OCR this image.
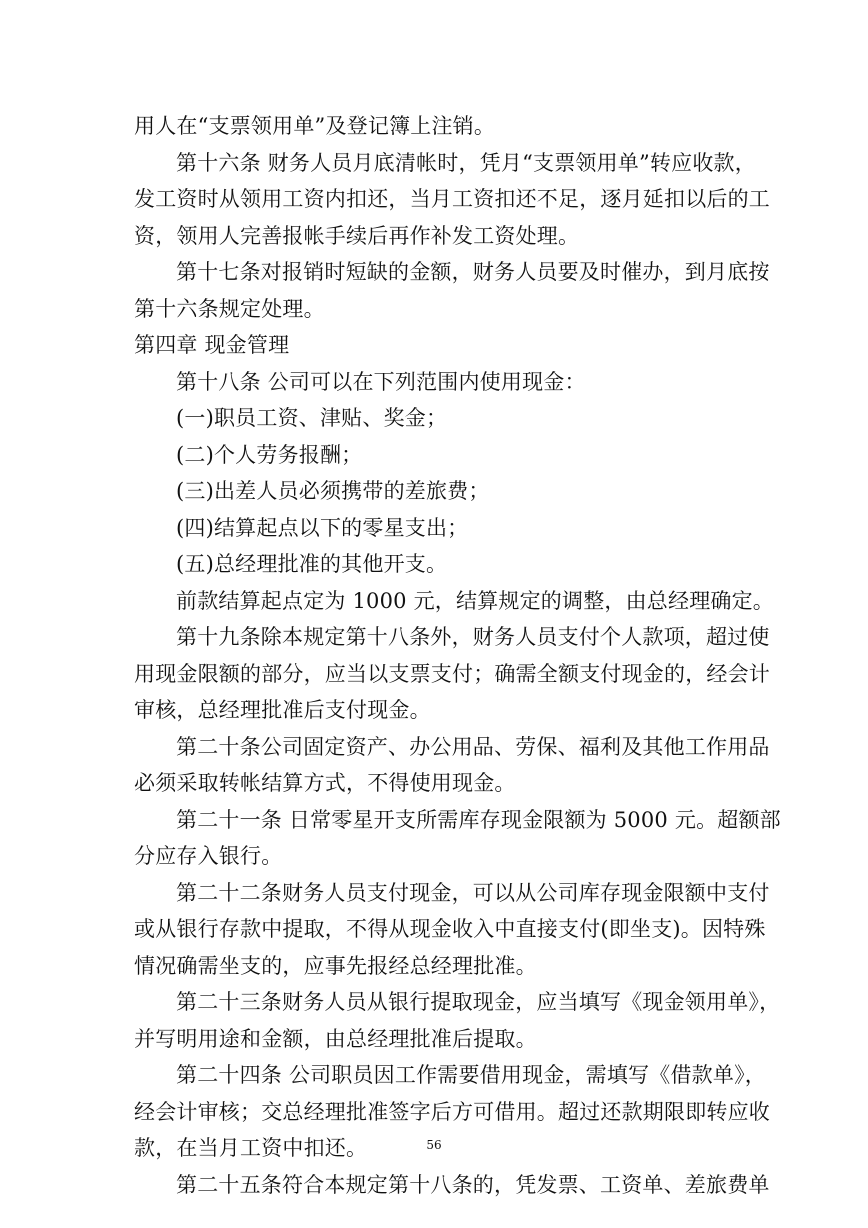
用人在“支票领用单”及登记簿上注销。
第十六条 财务人员月底清帐时，凭月“支票领用单”转应收款，
发工资时从领用工资内扣还，当月工资扣还不足，逐月延扣以后的工
资，领用人完善报帐手续后再作补发工资处理。
第十七条对报销时短缺的金额，财务人员要及时催办，到月底按
第十六条规定处理。
第四章 现金管理
第十八条 公司可以在下列范围内使用现金：
(一)职员工资、津贴、奖金；
(二)个人劳务报酬；
(三)出差人员必须携带的差旅费；
(四)结算起点以下的零星支出；
(五)总经理批准的其他开支。
前款结算起点定为 1000 元，结算规定的调整，由总经理确定。
第十九条除本规定第十八条外，财务人员支付个人款项，超过使
用现金限额的部分，应当以支票支付；确需全额支付现金的，经会计
审核，总经理批准后支付现金。
第二十条公司固定资产、办公用品、劳保、福利及其他工作用品
必须采取转帐结算方式，不得使用现金。
第二十一条 日常零星开支所需库存现金限额为 5000 元。超额部
分应存入银行。
第二十二条财务人员支付现金，可以从公司库存现金限额中支付
或从银行存款中提取，不得从现金收入中直接支付(即坐支)。因特殊
情况确需坐支的，应事先报经总经理批准。
第二十三条财务人员从银行提取现金，应当填写《现金领用单》，
并写明用途和金额，由总经理批准后提取。
第二十四条 公司职员因工作需要借用现金，需填写《借款单》，
经会计审核；交总经理批准签字后方可借用。超过还款期限即转应收
款，在当月工资中扣还。
第二十五条符合本规定第十八条的，凭发票、工资单、差旅费单
56
